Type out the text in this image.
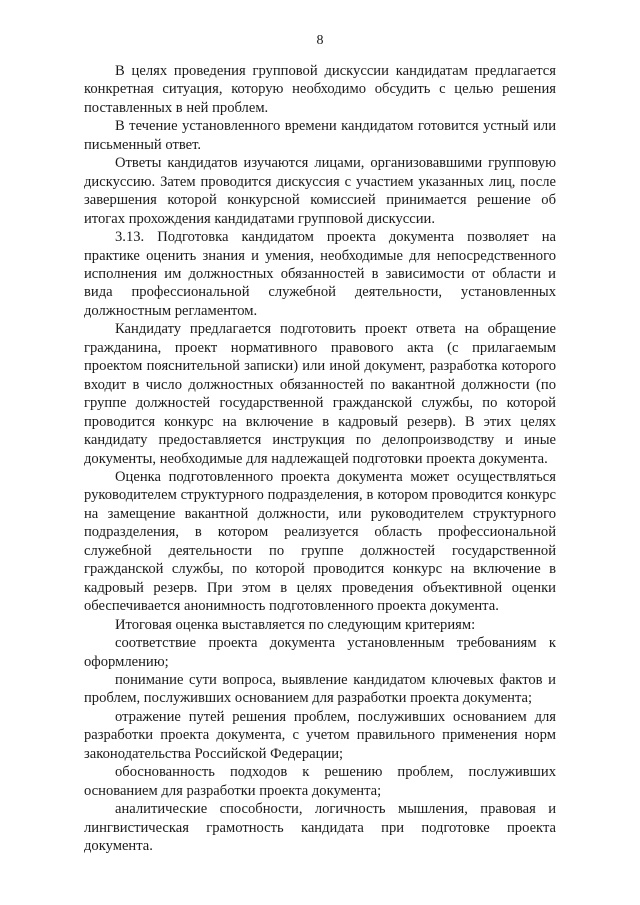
8

В целях проведения групповой дискуссии кандидатам предлагается конкретная ситуация, которую необходимо обсудить с целью решения поставленных в ней проблем.

В течение установленного времени кандидатом готовится устный или письменный ответ.

Ответы кандидатов изучаются лицами, организовавшими групповую дискуссию. Затем проводится дискуссия с участием указанных лиц, после завершения которой конкурсной комиссией принимается решение об итогах прохождения кандидатами групповой дискуссии.

3.13. Подготовка кандидатом проекта документа позволяет на практике оценить знания и умения, необходимые для непосредственного исполнения им должностных обязанностей в зависимости от области и вида профессиональной служебной деятельности, установленных должностным регламентом.

Кандидату предлагается подготовить проект ответа на обращение гражданина, проект нормативного правового акта (с прилагаемым проектом пояснительной записки) или иной документ, разработка которого входит в число должностных обязанностей по вакантной должности (по группе должностей государственной гражданской службы, по которой проводится конкурс на включение в кадровый резерв). В этих целях кандидату предоставляется инструкция по делопроизводству и иные документы, необходимые для надлежащей подготовки проекта документа.

Оценка подготовленного проекта документа может осуществляться руководителем структурного подразделения, в котором проводится конкурс на замещение вакантной должности, или руководителем структурного подразделения, в котором реализуется область профессиональной служебной деятельности по группе должностей государственной гражданской службы, по которой проводится конкурс на включение в кадровый резерв. При этом в целях проведения объективной оценки обеспечивается анонимность подготовленного проекта документа.

Итоговая оценка выставляется по следующим критериям:

соответствие проекта документа установленным требованиям к оформлению;

понимание сути вопроса, выявление кандидатом ключевых фактов и проблем, послуживших основанием для разработки проекта документа;

отражение путей решения проблем, послуживших основанием для разработки проекта документа, с учетом правильного применения норм законодательства Российской Федерации;

обоснованность подходов к решению проблем, послуживших основанием для разработки проекта документа;

аналитические способности, логичность мышления, правовая и лингвистическая грамотность кандидата при подготовке проекта документа.
